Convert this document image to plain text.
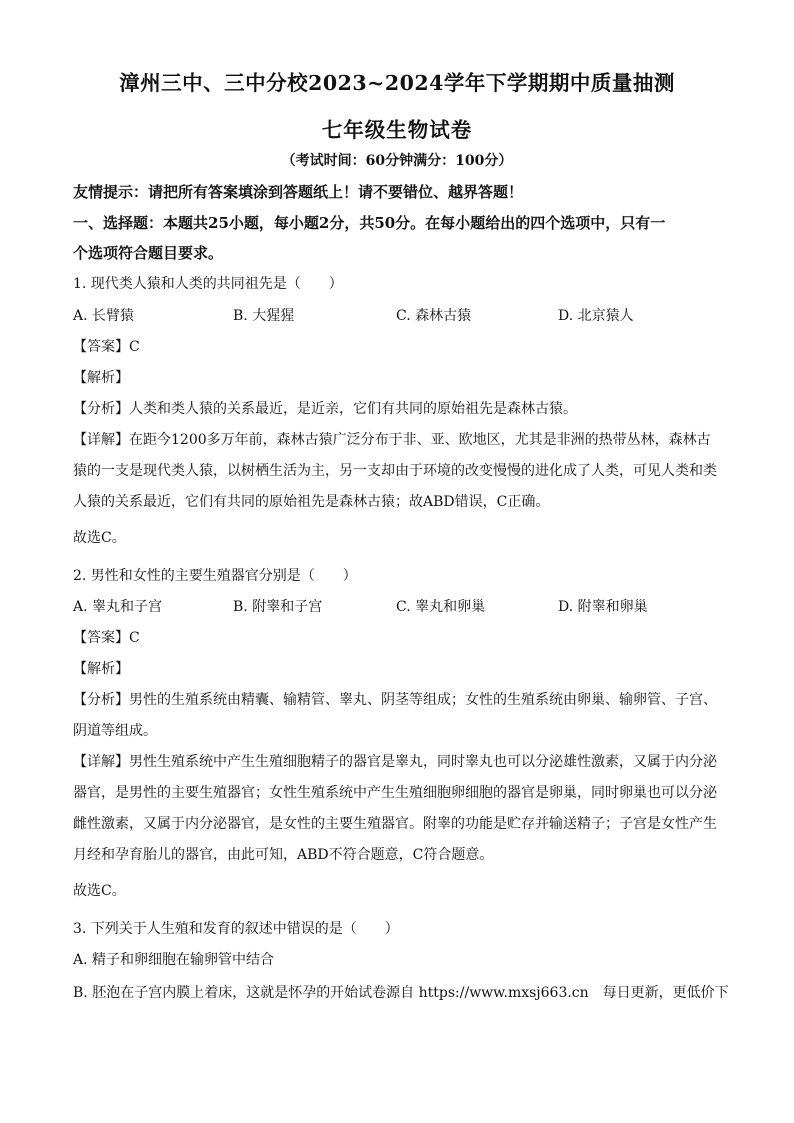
漳州三中、三中分校2023~2024学年下学期期中质量抽测
七年级生物试卷
（考试时间：60分钟满分：100分）
友情提示：请把所有答案填涂到答题纸上！请不要错位、越界答题！
一、选择题：本题共25小题，每小题2分，共50分。在每小题给出的四个选项中，只有一
个选项符合题目要求。
1. 现代类人猿和人类的共同祖先是（　　）
A. 长臂猿	B. 大猩猩	C. 森林古猿	D. 北京猿人
【答案】C
【解析】
【分析】人类和类人猿的关系最近，是近亲，它们有共同的原始祖先是森林古猿。
【详解】在距今1200多万年前，森林古猿广泛分布于非、亚、欧地区，尤其是非洲的热带丛林，森林古
猿的一支是现代类人猿，以树栖生活为主，另一支却由于环境的改变慢慢的进化成了人类，可见人类和类
人猿的关系最近，它们有共同的原始祖先是森林古猿；故ABD错误，C正确。
故选C。
2. 男性和女性的主要生殖器官分别是（　　）
A. 睾丸和子宫	B. 附睾和子宫	C. 睾丸和卵巢	D. 附睾和卵巢
【答案】C
【解析】
【分析】男性的生殖系统由精囊、输精管、睾丸、阴茎等组成；女性的生殖系统由卵巢、输卵管、子宫、
阴道等组成。
【详解】男性生殖系统中产生生殖细胞精子的器官是睾丸，同时睾丸也可以分泌雄性激素，又属于内分泌
器官，是男性的主要生殖器官；女性生殖系统中产生生殖细胞卵细胞的器官是卵巢，同时卵巢也可以分泌
雌性激素，又属于内分泌器官，是女性的主要生殖器官。附睾的功能是贮存并输送精子；子宫是女性产生
月经和孕育胎儿的器官，由此可知，ABD不符合题意，C符合题意。
故选C。
3. 下列关于人生殖和发育的叙述中错误的是（　　）
A. 精子和卵细胞在输卵管中结合
B. 胚泡在子宫内膜上着床，这就是怀孕的开始试卷源自 https://www.mxsj663.cn　每日更新，更低价下
